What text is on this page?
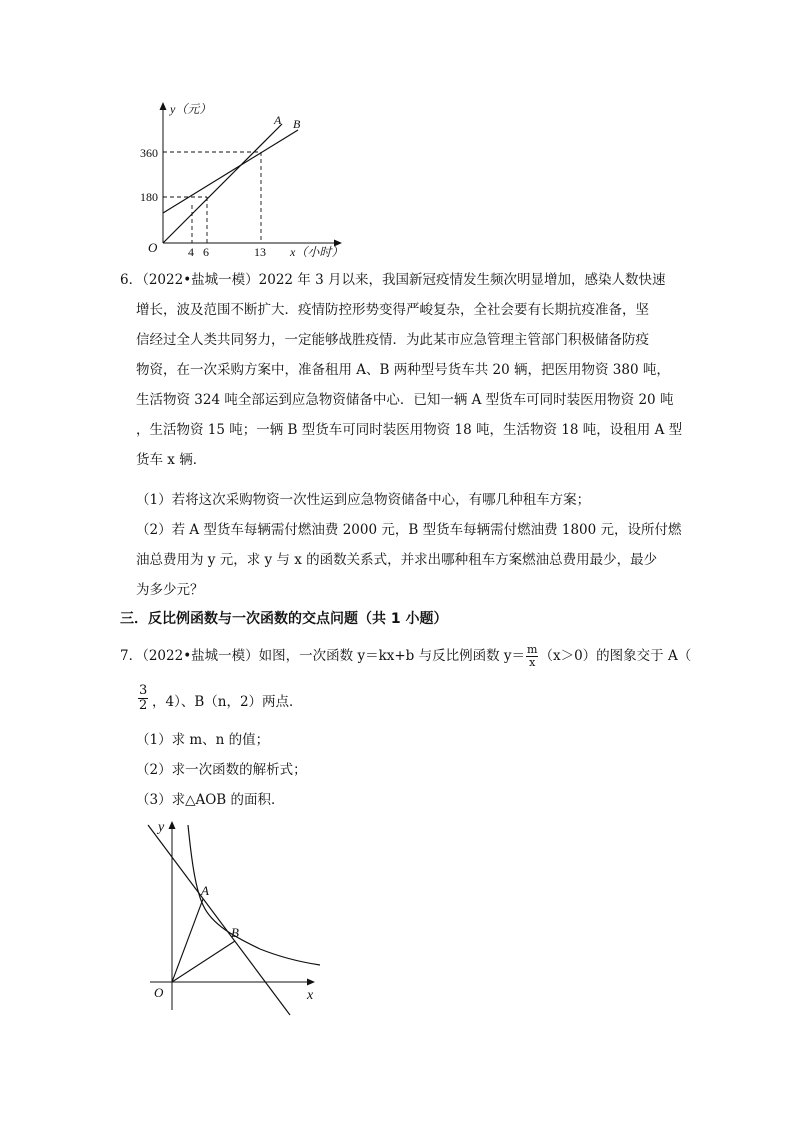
y（元）
x（小时）
O
A B
360
180
4 6	13
6．（2022•盐城一模）2022 年 3 月以来，我国新冠疫情发生频次明显增加，感染人数快速
增长，波及范围不断扩大．疫情防控形势变得严峻复杂，全社会要有长期抗疫准备，坚
信经过全人类共同努力，一定能够战胜疫情．为此某市应急管理主管部门积极储备防疫
物资，在一次采购方案中，准备租用 A、B 两种型号货车共 20 辆，把医用物资 380 吨，
生活物资 324 吨全部运到应急物资储备中心．已知一辆 A 型货车可同时装医用物资 20 吨
，生活物资 15 吨；一辆 B 型货车可同时装医用物资 18 吨，生活物资 18 吨，设租用 A 型
货车 x 辆．
（1）若将这次采购物资一次性运到应急物资储备中心，有哪几种租车方案；
（2）若 A 型货车每辆需付燃油费 2000 元，B 型货车每辆需付燃油费 1800 元，设所付燃
油总费用为 y 元，求 y 与 x 的函数关系式，并求出哪种租车方案燃油总费用最少，最少
为多少元？
三．反比例函数与一次函数的交点问题（共 1 小题）
7．（2022•盐城一模）如图，一次函数 y＝kx+b 与反比例函数 $y= \frac{m}{x} (x>0)$的图象交于 A（
$\frac{3}{2}$ ，4）、B（n，2）两点．
（1）求 m、n 的值；
（2）求一次函数的解析式；
（3）求△AOB 的面积．
y
x
O
A
B
